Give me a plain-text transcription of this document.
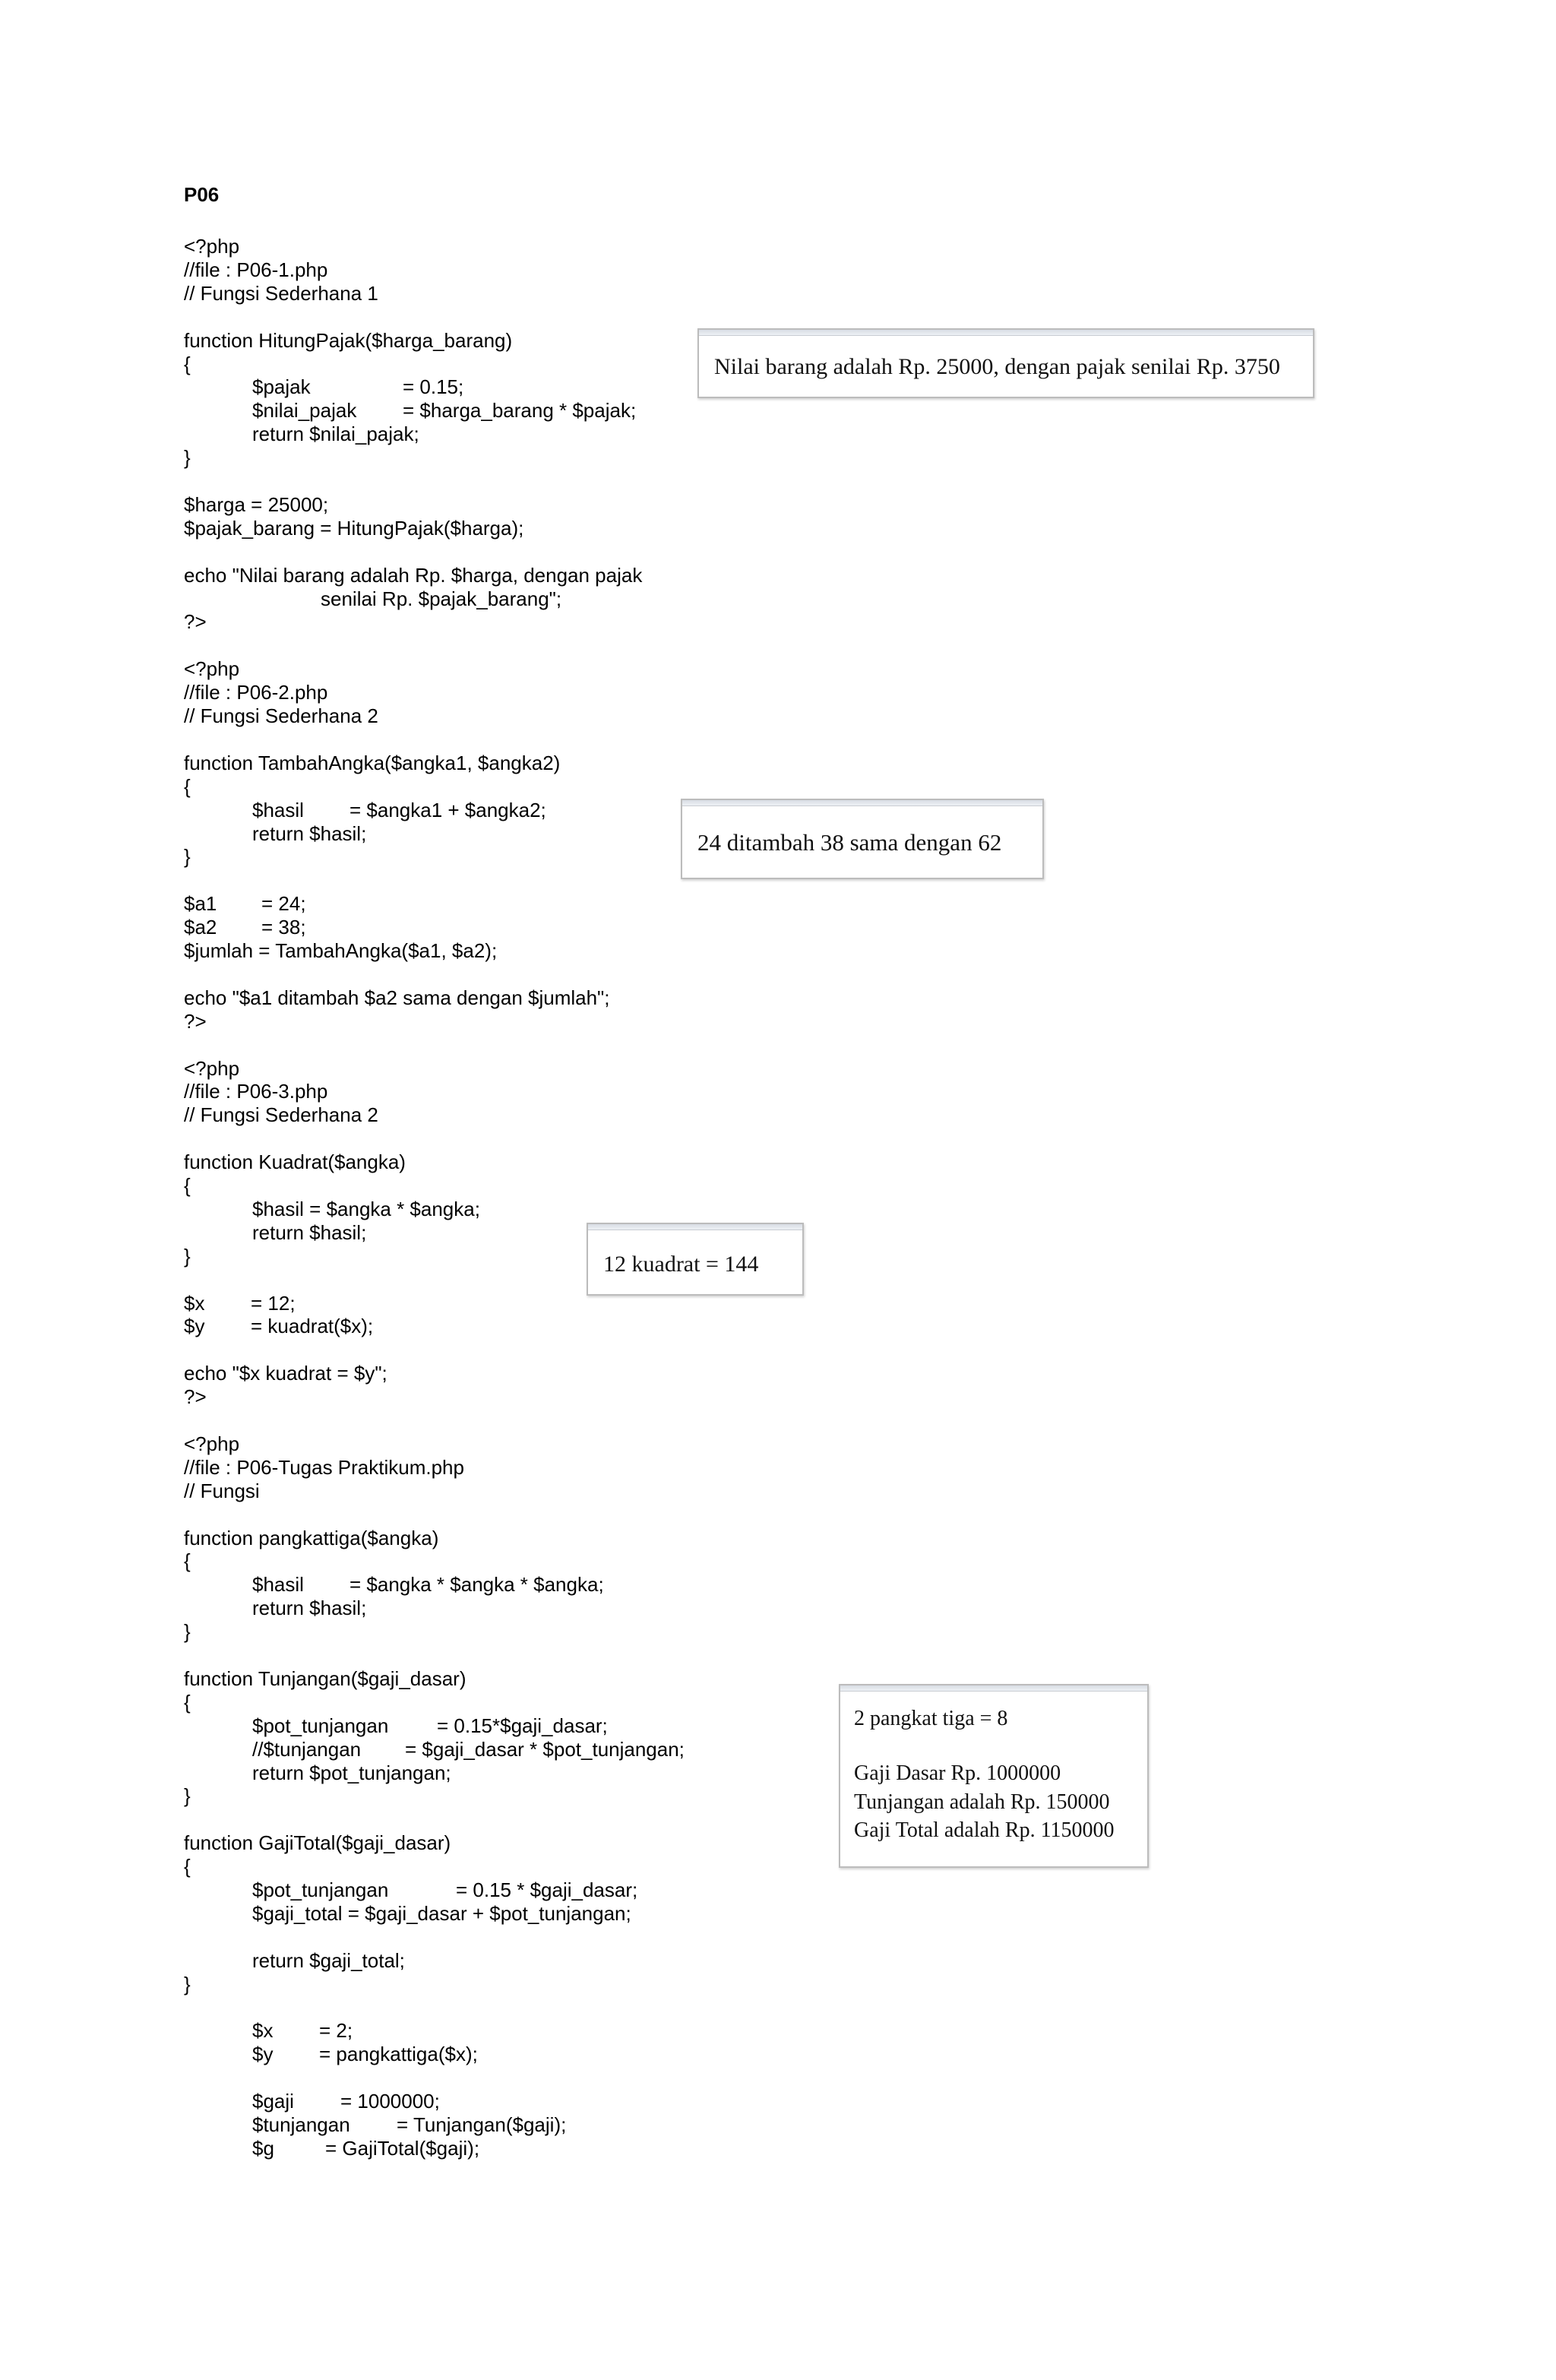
P06
<?php
//file : P06-1.php
// Fungsi Sederhana 1
function HitungPajak($harga_barang)
{
$pajak	= 0.15;
$nilai_pajak = $harga_barang * $pajak;
return $nilai_pajak;
}
$harga = 25000;
$pajak_barang = HitungPajak($harga);
echo "Nilai barang adalah Rp. $harga, dengan pajak
senilai Rp. $pajak_barang";
?>
<?php
//file : P06-2.php
// Fungsi Sederhana 2
function TambahAngka($angka1, $angka2)
{
$hasil = $angka1 + $angka2;
return $hasil;
}
$a1 = 24;
$a2 = 38;
$jumlah = TambahAngka($a1, $a2);
echo "$a1 ditambah $a2 sama dengan $jumlah";
?>
<?php
//file : P06-3.php
// Fungsi Sederhana 2
function Kuadrat($angka)
{
$hasil = $angka * $angka;
return $hasil;
}
$x = 12;
$y = kuadrat($x);
echo "$x kuadrat = $y";
?>
<?php
//file : P06-Tugas Praktikum.php
// Fungsi
function pangkattiga($angka)
{
$hasil = $angka * $angka * $angka;
return $hasil;
}
function Tunjangan($gaji_dasar)
{
$pot_tunjangan = 0.15*$gaji_dasar;
//$tunjangan = $gaji_dasar * $pot_tunjangan;
return $pot_tunjangan;
}
function GajiTotal($gaji_dasar)
{
$pot_tunjangan	= 0.15 * $gaji_dasar;
$gaji_total = $gaji_dasar + $pot_tunjangan;
return $gaji_total;
}
$x = 2;
$y = pangkattiga($x);
$gaji = 1000000;
$tunjangan = Tunjangan($gaji);
$g	= GajiTotal($gaji);
Nilai barang adalah Rp. 25000, dengan pajak senilai Rp. 3750
24 ditambah 38 sama dengan 62
12 kuadrat = 144
2 pangkat tiga = 8
Gaji Dasar Rp. 1000000
Tunjangan adalah Rp. 150000
Gaji Total adalah Rp. 1150000
